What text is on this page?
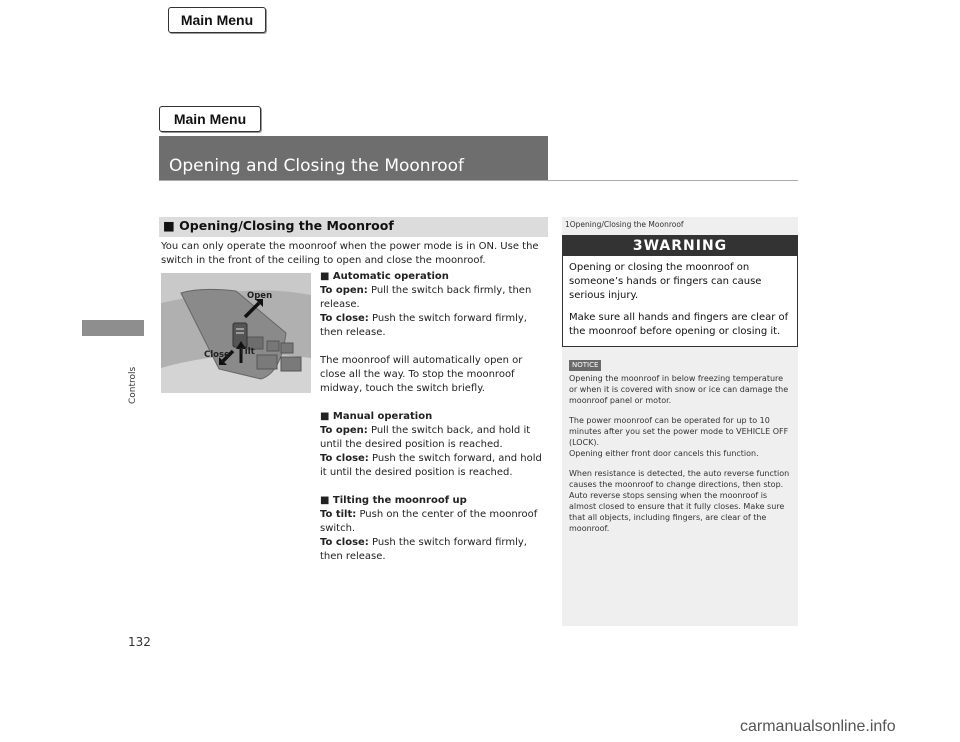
Main Menu
Main Menu
Opening and Closing the Moonroof
Controls
132
■ Opening/Closing the Moonroof
You can only operate the moonroof when the power mode is in ON. Use the switch in the front of the ceiling to open and close the moonroof.
Open
Close Tilt
■ Automatic operation
To open: Pull the switch back firmly, then release.

To close: Push the switch forward firmly, then release.

The moonroof will automatically open or close all the way. To stop the moonroof midway, touch the switch briefly.

■ Manual operation
To open: Pull the switch back, and hold it until the desired position is reached.

To close: Push the switch forward, and hold it until the desired position is reached.

■ Tilting the moonroof up
To tilt: Push on the center of the moonroof switch.
To close: Push the switch forward firmly, then release.
1Opening/Closing the Moonroof
3WARNING

Opening or closing the moonroof on someone’s hands or fingers can cause serious injury.

Make sure all hands and fingers are clear of the moonroof before opening or closing it.

NOTICE

Opening the moonroof in below freezing temperature or when it is covered with snow or ice can damage the moonroof panel or motor.

The power moonroof can be operated for up to 10 minutes after you set the power mode to VEHICLE OFF (LOCK).

Opening either front door cancels this function.

When resistance is detected, the auto reverse function causes the moonroof to change directions, then stop. Auto reverse stops sensing when the moonroof is almost closed to ensure that it fully closes. Make sure that all objects, including fingers, are clear of the moonroof.

carmanualsonline.info
